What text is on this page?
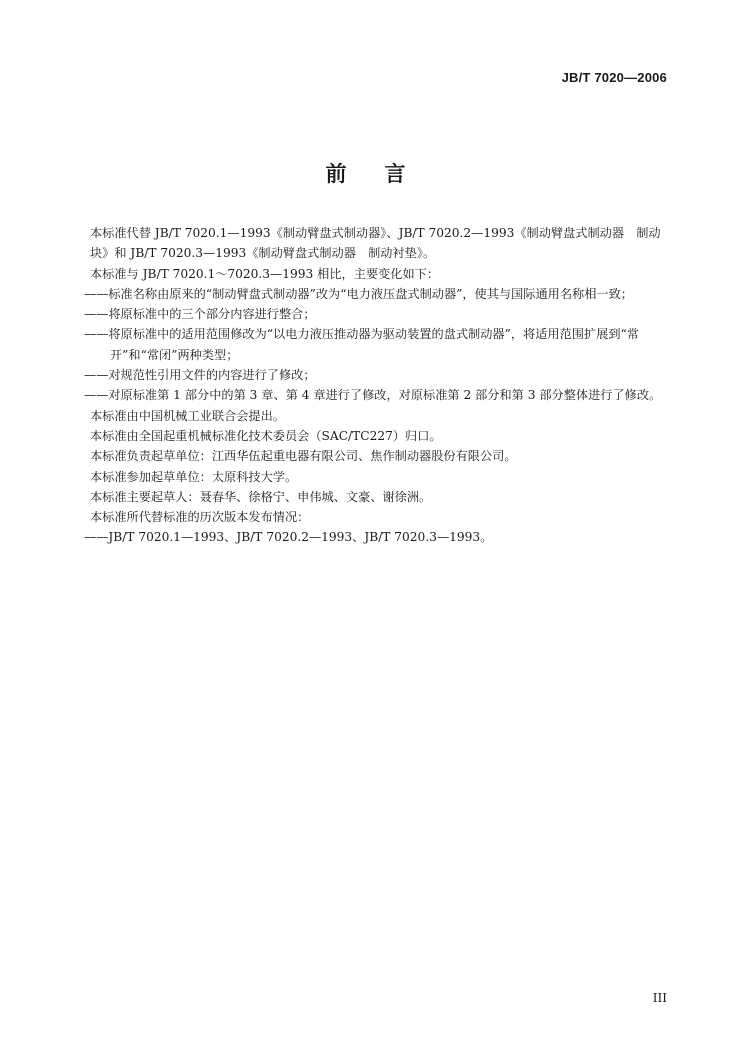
JB/T 7020—2006
前 言

本标准代替 JB/T 7020.1—1993《制动臂盘式制动器》、JB/T 7020.2—1993《制动臂盘式制动器　制动块》和 JB/T 7020.3—1993《制动臂盘式制动器　制动衬垫》。

本标准与 JB/T 7020.1～7020.3—1993 相比，主要变化如下：

——标准名称由原来的“制动臂盘式制动器”改为“电力液压盘式制动器”，使其与国际通用名称相一致；

——将原标准中的三个部分内容进行整合；

——将原标准中的适用范围修改为“以电力液压推动器为驱动装置的盘式制动器”，将适用范围扩展到“常开”和“常闭”两种类型；

——对规范性引用文件的内容进行了修改；

——对原标准第 1 部分中的第 3 章、第 4 章进行了修改，对原标准第 2 部分和第 3 部分整体进行了修改。

本标准由中国机械工业联合会提出。

本标准由全国起重机械标准化技术委员会（SAC/TC227）归口。

本标准负责起草单位：江西华伍起重电器有限公司、焦作制动器股份有限公司。

本标准参加起草单位：太原科技大学。

本标准主要起草人：聂春华、徐格宁、申伟城、文豪、谢徐洲。

本标准所代替标准的历次版本发布情况：

——JB/T 7020.1—1993、JB/T 7020.2—1993、JB/T 7020.3—1993。

III
